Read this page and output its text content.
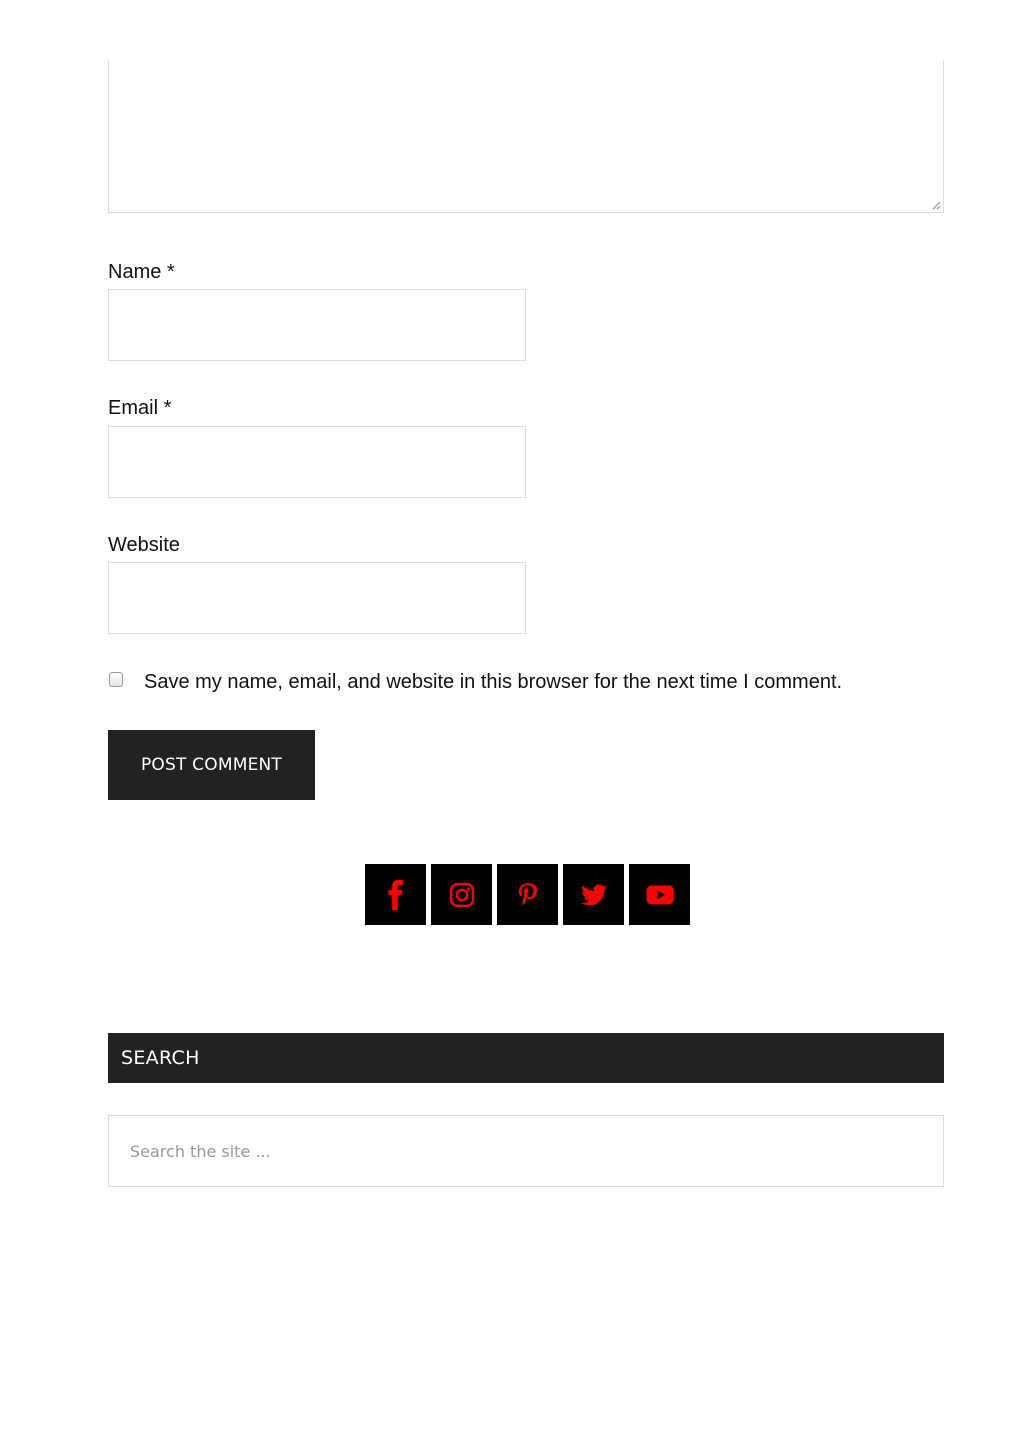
Name *
Email *
Website
Save my name, email, and website in this browser for the next time I comment.
POST COMMENT
SEARCH
Search the site ...
